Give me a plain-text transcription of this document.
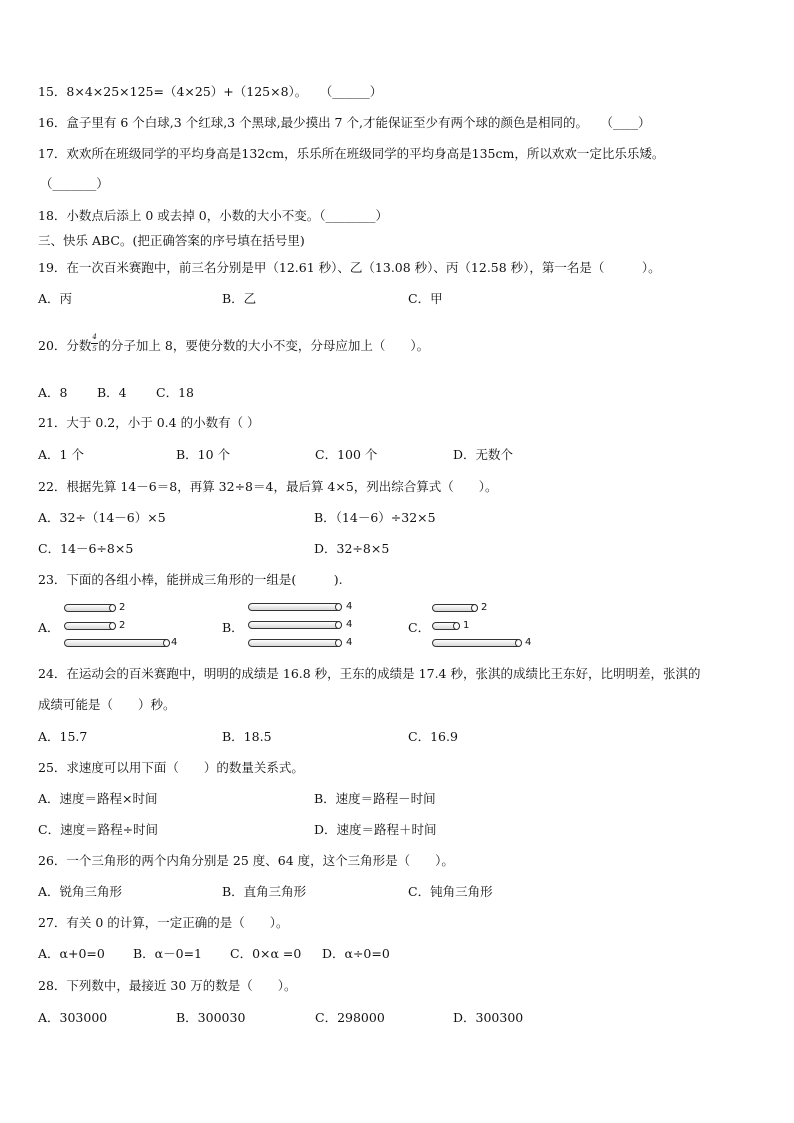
15．8×4×25×125=（4×25）+（125×8）。　　（______）
16．盒子里有 6 个白球,3 个红球,3 个黑球,最少摸出 7 个,才能保证至少有两个球的颜色是相同的。　　（____）
17．欢欢所在班级同学的平均身高是132cm，乐乐所在班级同学的平均身高是135cm，所以欢欢一定比乐乐矮。
（_______）
18．小数点后添上 0 或去掉 0，小数的大小不变。（________）
三、快乐 ABC。(把正确答案的序号填在括号里)
19．在一次百米赛跑中，前三名分别是甲（12.61 秒）、乙（13.08 秒）、丙（12.58 秒），第一名是（　　　）。
A．丙	B．乙	C．甲
20．分数 $\frac{4}{5}$ 的分子加上 8，要使分数的大小不变，分母应加上（　　）。
A．8 B．4 C．18
21．大于 0.2，小于 0.4 的小数有（ ）
A．1 个	B．10 个	C．100 个	D．无数个
22．根据先算 14－6＝8，再算 32÷8＝4，最后算 4×5，列出综合算式（　　）。
A．32÷（14－6）×5	B．（14－6）÷32×5
C．14－6÷8×5	D．32÷8×5
23．下面的各组小棒，能拼成三角形的一组是(　　　).
A．	B．	C．
2
2
4
4
4
4
2
1
4
24．在运动会的百米赛跑中，明明的成绩是 16.8 秒，王东的成绩是 17.4 秒，张淇的成绩比王东好，比明明差，张淇的
成绩可能是（　　）秒。
A．15.7	B．18.5	C．16.9
25．求速度可以用下面（　　）的数量关系式。
A．速度＝路程×时间	B．速度＝路程－时间
C．速度＝路程÷时间	D．速度＝路程＋时间
26．一个三角形的两个内角分别是 25 度、64 度，这个三角形是（　　）。
A．锐角三角形	B．直角三角形	C．钝角三角形
27．有关 0 的计算，一定正确的是（　　）。
A．α+0=0 B．α－0=1 C．0×α =0 D．α÷0=0
28．下列数中，最接近 30 万的数是（　　）。
A．303000	B．300030	C．298000	D．300300
